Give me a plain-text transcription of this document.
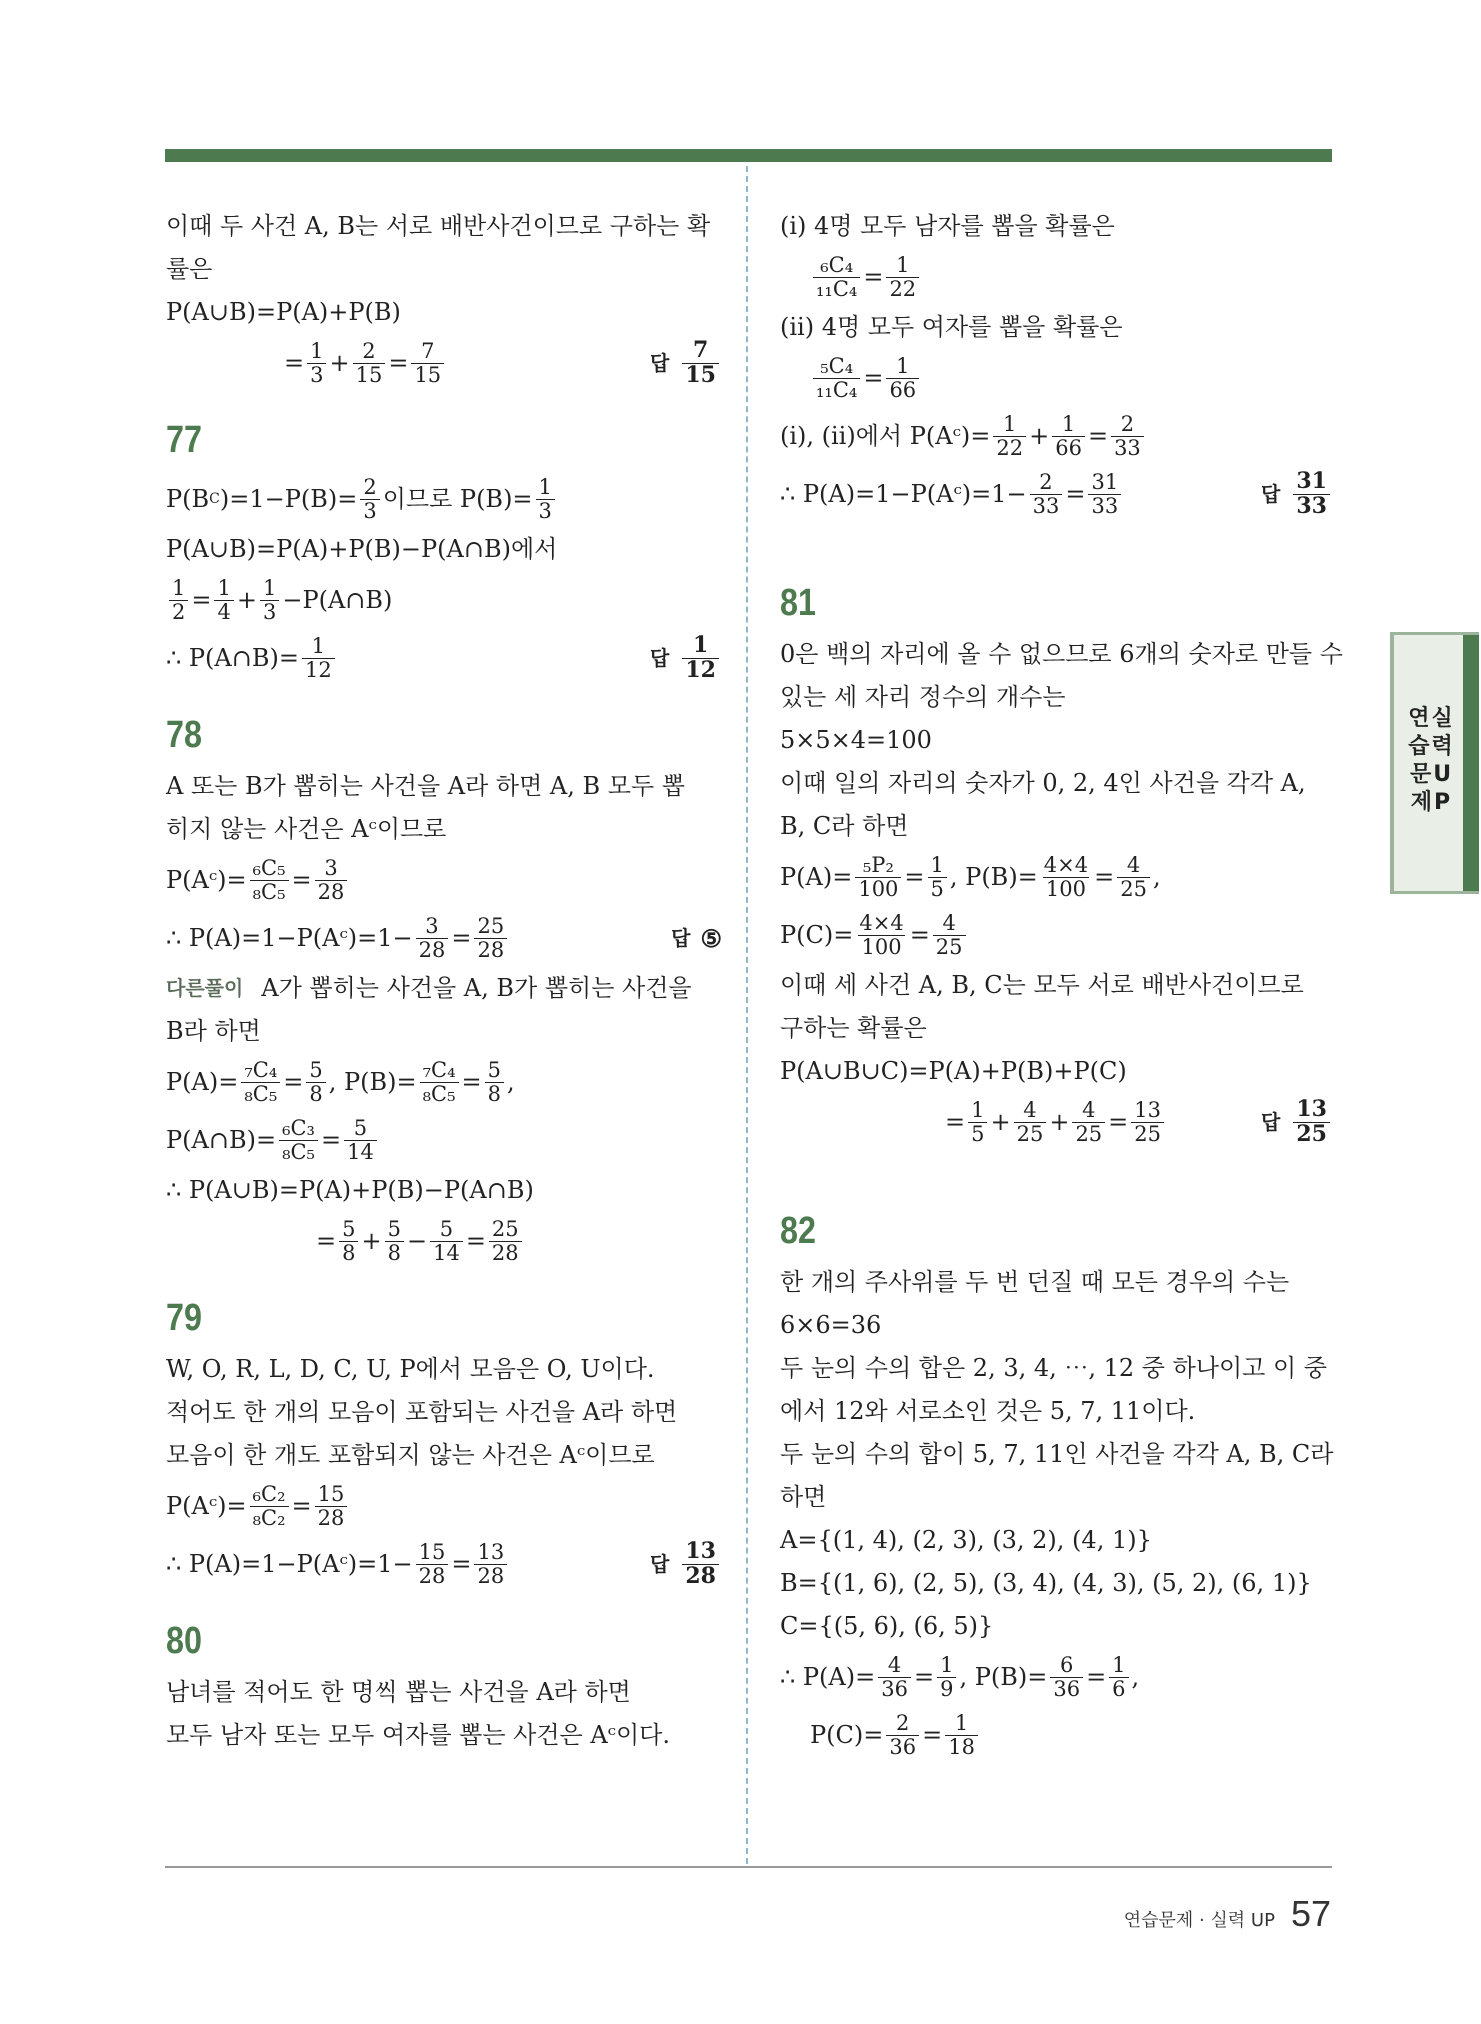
이때 두 사건 A, B는 서로 배반사건이므로 구하는 확
률은
P(A∪B)=P(A)+P(B)
= $\frac{1}{3} + \frac{2}{15} = \frac{7}{15}$	답 $\frac{7}{15}$
77
P(B C )$=1-P(B)= \frac{2}{3}$ 이므로 $P(B)= \frac{1}{3}$
P(A∪B)=P(A)+P(B)−P(A∩B)에서
$\frac{1}{2} = \frac{1}{4} + \frac{1}{3}$ −P(A∩B)
∴ P(A∩B)= $\frac{1}{12}$	답 $\frac{1}{12}$
78
A 또는 B가 뽑히는 사건을 A라 하면 A, B 모두 뽑
히지 않는 사건은 Aᶜ이므로
P(Aᶜ)= $\frac{\text{₆C₅}}{\text{₈C₅}} = \frac{3}{28}$
∴ P(A)=1−P(Aᶜ)=1− $\frac{3}{28} = \frac{25}{28}$	답 ⑤
다른풀이 A가 뽑히는 사건을 A, B가 뽑히는 사건을
B라 하면
$P(A)= \frac{\text{₇C₄}}{\text{₈C₅}} = \frac{5}{8}$ , $P(B)= \frac{\text{₇C₄}}{\text{₈C₅}} = \frac{5}{8}$ ,
P(A∩B)= $\frac{\text{₆C₃}}{\text{₈C₅}} = \frac{5}{14}$
∴ P(A∪B)=P(A)+P(B)−P(A∩B)
= $\frac{5}{8} + \frac{5}{8} - \frac{5}{14} = \frac{25}{28}$
79
W, O, R, L, D, C, U, P에서 모음은 O, U이다.
적어도 한 개의 모음이 포함되는 사건을 A라 하면
모음이 한 개도 포함되지 않는 사건은 Aᶜ이므로
P(Aᶜ)= $\frac{\text{₆C₂}}{\text{₈C₂}} = \frac{15}{28}$
∴ P(A)=1−P(Aᶜ)=1− $\frac{15}{28} = \frac{13}{28}$	답 $\frac{13}{28}$
80
남녀를 적어도 한 명씩 뽑는 사건을 A라 하면
모두 남자 또는 모두 여자를 뽑는 사건은 Aᶜ이다.
(ⅰ) 4명 모두 남자를 뽑을 확률은
$\frac{\text{₆C₄}}{\text{₁₁C₄}} = \frac{1}{22}$
(ⅱ) 4명 모두 여자를 뽑을 확률은
$\frac{\text{₅C₄}}{\text{₁₁C₄}} = \frac{1}{66}$
(ⅰ), (ⅱ)에서 P(Aᶜ)= $\frac{1}{22} + \frac{1}{66} = \frac{2}{33}$
∴ P(A)=1−P(Aᶜ)=1− $\frac{2}{33} = \frac{31}{33}$	답 $\frac{31}{33}$
81
0은 백의 자리에 올 수 없으므로 6개의 숫자로 만들 수
있는 세 자리 정수의 개수는
5×5×4=100
이때 일의 자리의 숫자가 0, 2, 4인 사건을 각각 A,
B, C라 하면
$P(A)= \frac{\text{₅P₂}}{100} = \frac{1}{5}$ , $P(B)= \frac{4\times 4}{100} = \frac{4}{25}$ ,
$P(C)= \frac{4\times 4}{100} = \frac{4}{25}$
이때 세 사건 A, B, C는 모두 서로 배반사건이므로
구하는 확률은
P(A∪B∪C)=P(A)+P(B)+P(C)
= $\frac{1}{5} + \frac{4}{25} + \frac{4}{25} = \frac{13}{25}$	답 $\frac{13}{25}$
82
한 개의 주사위를 두 번 던질 때 모든 경우의 수는
6×6=36
두 눈의 수의 합은 2, 3, 4, ⋯, 12 중 하나이고 이 중
에서 12와 서로소인 것은 5, 7, 11이다.
두 눈의 수의 합이 5, 7, 11인 사건을 각각 A, B, C라
하면
A={(1, 4), (2, 3), (3, 2), (4, 1)}
B={(1, 6), (2, 5), (3, 4), (4, 3), (5, 2), (6, 1)}
C={(5, 6), (6, 5)}
∴ $P(A)= \frac{4}{36} = \frac{1}{9}$ , $P(B)= \frac{6}{36} = \frac{1}{6}$ ,
$P(C)= \frac{2}{36} = \frac{1}{18}$
연실습력문U제P
연습문제 · 실력 UP 57
